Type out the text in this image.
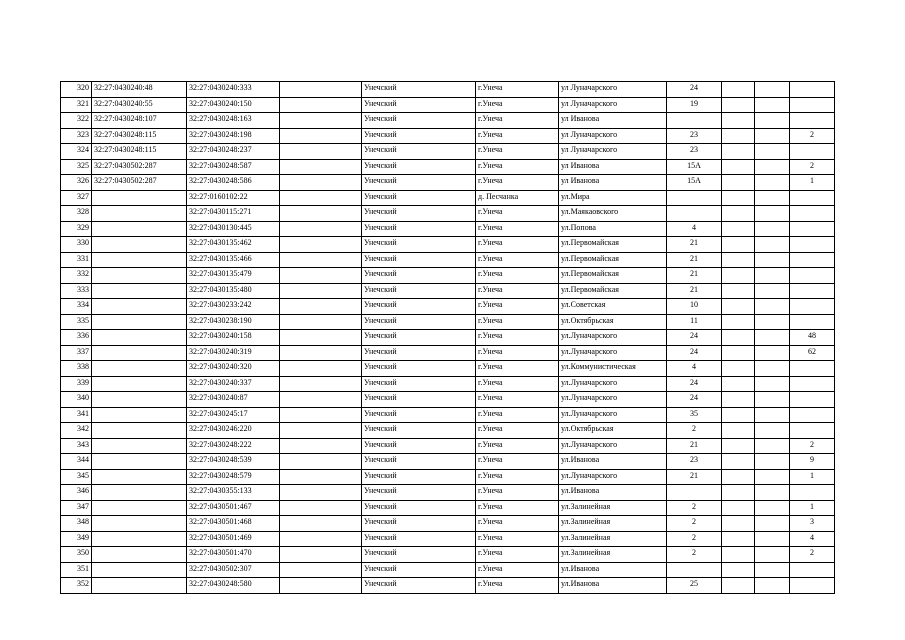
320	32:27:0430240:48	32:27:0430240:333		Унечский	г.Унеча	ул Луначарского	24			
321	32:27:0430240:55	32:27:0430240:150		Унечский	г.Унеча	ул Луначарского	19			
322	32:27:0430248:107	32:27:0430248:163		Унечский	г.Унеча	ул Иванова				
323	32:27:0430248:115	32:27:0430248:198		Унечский	г.Унеча	ул Луначарского	23			2
324	32:27:0430248:115	32:27:0430248:237		Унечский	г.Унеча	ул Луначарского	23			
325	32:27:0430502:287	32:27:0430248:587		Унечский	г.Унеча	ул Иванова	15А			2
326	32:27:0430502:287	32:27:0430248:586		Унечский	г.Унеча	ул Иванова	15А			1
327		32:27:0160102:22		Унечский	д. Песчанка	ул.Мира				
328		32:27:0430115:271		Унечский	г.Унеча	ул.Маякаовского				
329		32:27:0430130:445		Унечский	г.Унеча	ул.Попова	4			
330		32:27:0430135:462		Унечский	г.Унеча	ул.Первомайская	21			
331		32:27:0430135:466		Унечский	г.Унеча	ул.Первомайская	21			
332		32:27:0430135:479		Унечский	г.Унеча	ул.Первомайская	21			
333		32:27:0430135:480		Унечский	г.Унеча	ул.Первомайская	21			
334		32:27:0430233:242		Унечский	г.Унеча	ул.Советская	10			
335		32:27:0430238:190		Унечский	г.Унеча	ул.Октябрьская	11			
336		32:27:0430240:158		Унечский	г.Унеча	ул.Луначарского	24			48
337		32:27:0430240:319		Унечский	г.Унеча	ул.Луначарского	24			62
338		32:27:0430240:320		Унечский	г.Унеча	ул.Коммунистическая	4			
339		32:27:0430240:337		Унечский	г.Унеча	ул.Луначарского	24			
340		32:27:0430240:87		Унечский	г.Унеча	ул.Луначарского	24			
341		32:27:0430245:17		Унечский	г.Унеча	ул.Луначарского	35			
342		32:27:0430246:220		Унечский	г.Унеча	ул.Октябрьская	2			
343		32:27:0430248:222		Унечский	г.Унеча	ул.Луначарского	21			2
344		32:27:0430248:539		Унечский	г.Унеча	ул.Иванова	23			9
345		32:27:0430248:579		Унечский	г.Унеча	ул.Луначарского	21			1
346		32:27:0430355:133		Унечский	г.Унеча	ул.Иванова				
347		32:27:0430501:467		Унечский	г.Унеча	ул.Залинейная	2			1
348		32:27:0430501:468		Унечский	г.Унеча	ул.Залинейная	2			3
349		32:27:0430501:469		Унечский	г.Унеча	ул.Залинейная	2			4
350		32:27:0430501:470		Унечский	г.Унеча	ул.Залинейная	2			2
351		32:27:0430502:307		Унечский	г.Унеча	ул.Иванова				
352		32:27:0430248:580		Унечский	г.Унеча	ул.Иванова	25			
